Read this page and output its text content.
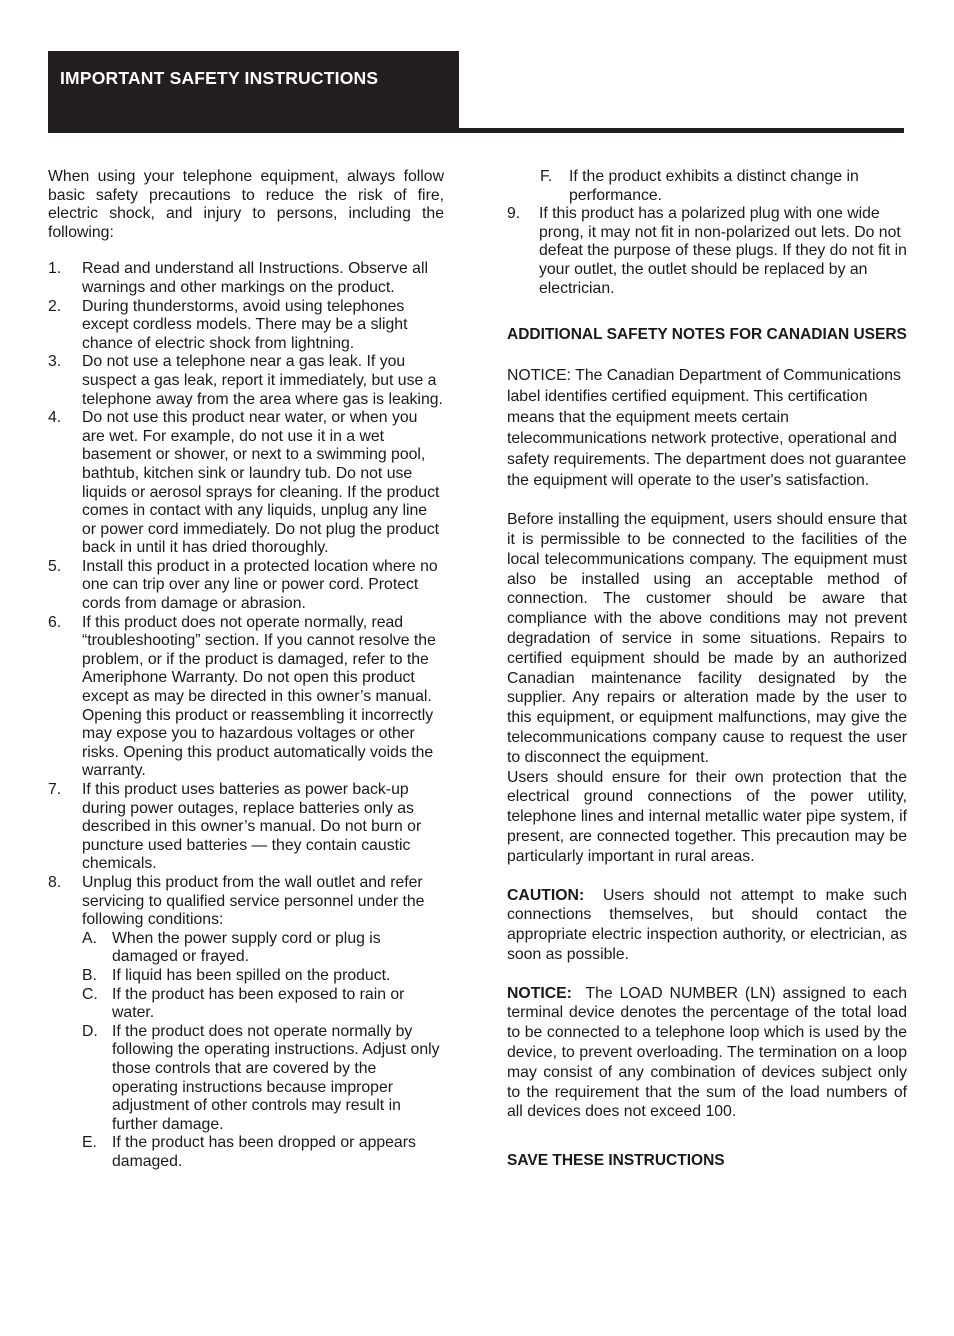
IMPORTANT SAFETY INSTRUCTIONS

When using your telephone equipment, always follow basic safety precautions to reduce the risk of fire, electric shock, and injury to persons, including the following:

1.	Read and understand all Instructions. Observe all warnings and other markings on the product.
2.	During thunderstorms, avoid using telephones except cordless models. There may be a slight chance of electric shock from lightning.
3.	Do not use a telephone near a gas leak. If you suspect a gas leak, report it immediately, but use a telephone away from the area where gas is leaking.
4.	Do not use this product near water, or when you are wet. For example, do not use it in a wet basement or shower, or next to a swimming pool, bathtub, kitchen sink or laundry tub. Do not use liquids or aerosol sprays for cleaning. If the product comes in contact with any liquids, unplug any line or power cord immediately. Do not plug the product back in until it has dried thoroughly.
5.	Install this product in a protected location where no one can trip over any line or power cord. Protect cords from damage or abrasion.
6.	If this product does not operate normally, read “troubleshooting” section. If you cannot resolve the problem, or if the product is damaged, refer to the Ameriphone Warranty. Do not open this product except as may be directed in this owner’s manual. Opening this product or reassembling it incorrectly may expose you to hazardous voltages or other risks. Opening this product automatically voids the warranty.
7.	If this product uses batteries as power back-up during power outages, replace batteries only as described in this owner’s manual. Do not burn or puncture used batteries — they contain caustic chemicals.
8.	Unplug this product from the wall outlet and refer servicing to qualified service personnel under the following conditions:
A. When the power supply cord or plug is damaged or frayed.
B. If liquid has been spilled on the product.
C. If the product has been exposed to rain or water.
D. If the product does not operate normally by following the operating instructions. Adjust only those controls that are covered by the operating instructions because improper adjustment of other controls may result in further damage.
E. If the product has been dropped or appears damaged.
F.	If the product exhibits a distinct change in performance.
9.	If this product has a polarized plug with one wide prong, it may not fit in non-polarized out lets. Do not defeat the purpose of these plugs. If they do not fit in your outlet, the outlet should be replaced by an electrician.

ADDITIONAL SAFETY NOTES FOR CANADIAN USERS

NOTICE: The Canadian Department of Communications label identifies certified equipment. This certification means that the equipment meets certain telecommunications network protective, operational and safety requirements. The department does not guarantee the equipment will operate to the user's satisfaction.

Before installing the equipment, users should ensure that it is permissible to be connected to the facilities of the local telecommunications company. The equipment must also be installed using an acceptable method of connection. The customer should be aware that compliance with the above conditions may not prevent degradation of service in some situations. Repairs to certified equipment should be made by an authorized Canadian maintenance facility designated by the supplier. Any repairs or alteration made by the user to this equipment, or equipment malfunctions, may give the telecommunications company cause to request the user to disconnect the equipment.

Users should ensure for their own protection that the electrical ground connections of the power utility, telephone lines and internal metallic water pipe system, if present, are connected together. This precaution may be particularly important in rural areas.

CAUTION: Users should not attempt to make such connections themselves, but should contact the appropriate electric inspection authority, or electrician, as soon as possible.

NOTICE: The LOAD NUMBER (LN) assigned to each terminal device denotes the percentage of the total load to be connected to a telephone loop which is used by the device, to prevent overloading. The termination on a loop may consist of any combination of devices subject only to the requirement that the sum of the load numbers of all devices does not exceed 100.

SAVE THESE INSTRUCTIONS
